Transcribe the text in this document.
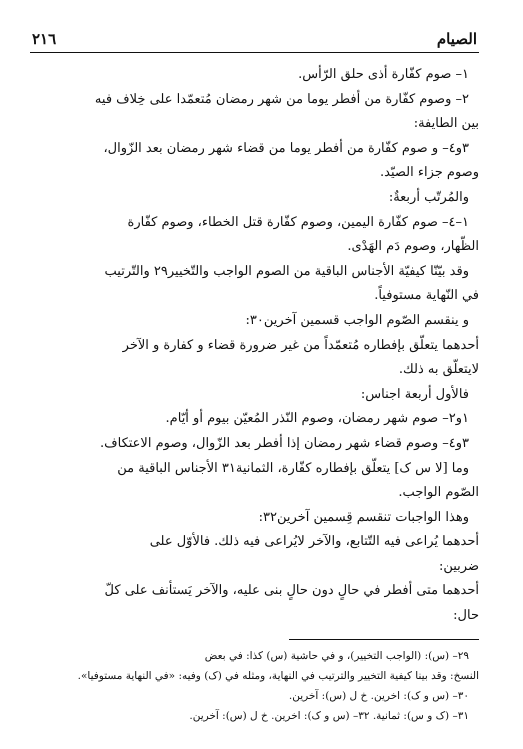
الصيام
٢١٦
١– صوم كفّارة أذى حلق الرّأس.
٢– وصوم كفّارة من أفطر يوما من شهر رمضان مُتعمّدا على خِلاف فيه
بين الطايفة:
٣و٤– و صوم كفّارة من أفطر يوما من قضاء شهر رمضان بعد الزّوال،
وصوم جزاء الصيّد.
والمُرتّب أربعةٌ:
١–٤– صوم كفّارة اليمين، وصوم كفّارة قتل الخطاء، وصوم كفّارة
الظّهار، وصوم دَم الهَدْى.
وقد بيّنّا كيفيّة الأجناس الباقية من الصوم الواجب والتّخيير٢٩ والتّرتيب
في النّهاية مستوفياً.
و ينقسم الصّوم الواجب قسمين آخرين٣٠:
أحدهما يتعلّق بإفطاره مُتعمّداً من غير ضرورة قضاء و كفارة و الآخر
لايتعلّق به ذلك.
فالأول أربعة اجناس:
١و٢– صوم شهر رمضان، وصوم النّذر المُعيّن بيوم أو أيّام.
٣و٤– وصوم قضاء شهر رمضان إذا أفطر بعد الزّوال، وصوم الاعتكاف.
وما [لا س ک] يتعلّق بإفطاره كفّارة، الثمانية٣١ الأجناس الباقية من
الصّوم الواجب.
وهذا الواجبات تنقسم قِسمين آخرين٣٢:
أحدهما يُراعى فيه التّتابع، والآخر لايُراعى فيه ذلك. فالأوّل على
ضربين:
أحدهما متى أفطر في حالٍ دون حالٍ بنى عليه، والآخر يَستأنف على كلّ
حال:
٢٩– (س): (الواجب التخيير)، و في حاشية (س) كذا: في بعض
النسخ: وقد بينا كيفية التخيير والترتيب في النهاية، ومثله في (ک) وفيه: «في النهاية مستوفيا».
٣٠– (س و ک): اخرين. خ ل (س): آخرين.
٣١– (ک و س): ثمانية. ٣٢– (س و ک): اخرين. خ ل (س): آخرين.
